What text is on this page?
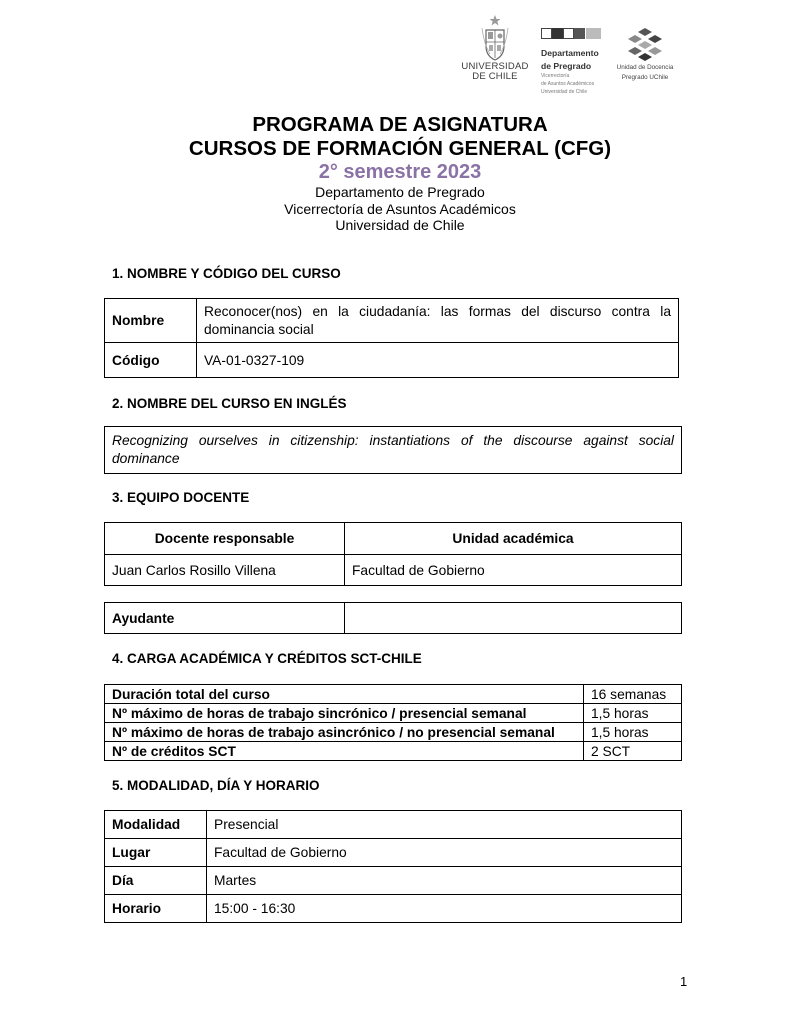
UNIVERSIDAD
DE CHILE
Departamento
de Pregrado
Vicerrectoría
de Asuntos Académicos
Universidad de Chile
Unidad de Docencia
Pregrado UChile
PROGRAMA DE ASIGNATURA
CURSOS DE FORMACIÓN GENERAL (CFG)
2° semestre 2023
Departamento de Pregrado
Vicerrectoría de Asuntos Académicos
Universidad de Chile
1. NOMBRE Y CÓDIGO DEL CURSO
Nombre	Reconocer(nos) en la ciudadanía: las formas del discurso contra la dominancia social
Código	VA-01-0327-109
2. NOMBRE DEL CURSO EN INGLÉS
Recognizing ourselves in citizenship: instantiations of the discourse against social dominance
3. EQUIPO DOCENTE
Docente responsable	Unidad académica
Juan Carlos Rosillo Villena	Facultad de Gobierno
Ayudante	
4. CARGA ACADÉMICA Y CRÉDITOS SCT-CHILE
Duración total del curso	16 semanas
Nº máximo de horas de trabajo sincrónico / presencial semanal	1,5 horas
Nº máximo de horas de trabajo asincrónico / no presencial semanal	1,5 horas
Nº de créditos SCT	2 SCT
5. MODALIDAD, DÍA Y HORARIO
Modalidad	Presencial
Lugar	Facultad de Gobierno
Día	Martes
Horario	15:00 - 16:30
1
